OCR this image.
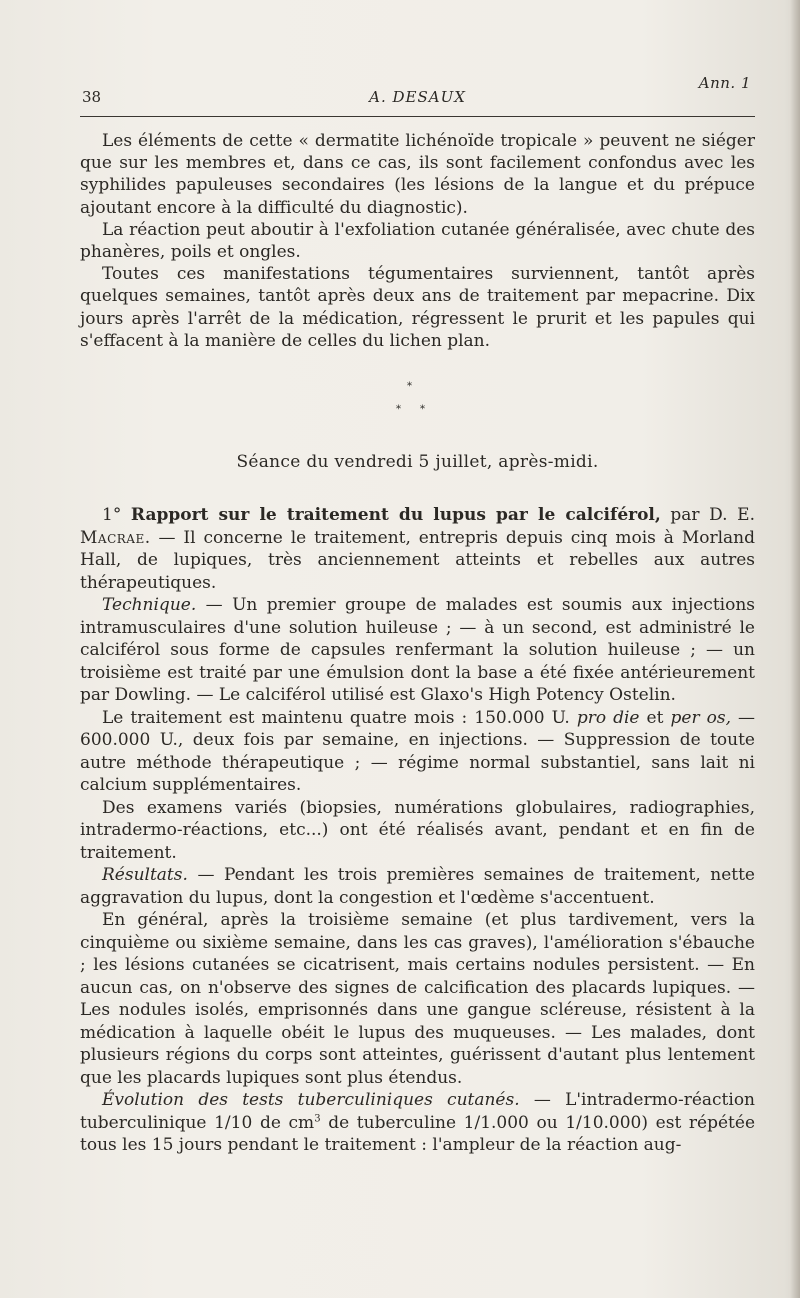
Ann. 1
38	A. DESAUX

Les éléments de cette « dermatite lichénoïde tropicale » peuvent ne siéger que sur les membres et, dans ce cas, ils sont facilement confondus avec les syphilides papuleuses secondaires (les lésions de la langue et du prépuce ajoutant encore à la difficulté du diagnostic).

La réaction peut aboutir à l'exfoliation cutanée généralisée, avec chute des phanères, poils et ongles.

Toutes ces manifestations tégumentaires surviennent, tantôt après quelques semaines, tantôt après deux ans de traitement par mepacrine. Dix jours après l'arrêt de la médication, régressent le prurit et les papules qui s'effacent à la manière de celles du lichen plan.

*
* *
Séance du vendredi 5 juillet, après-midi.

1° Rapport sur le traitement du lupus par le calciférol, par D. E. Macrae. — Il concerne le traitement, entrepris depuis cinq mois à Morland Hall, de lupiques, très anciennement atteints et rebelles aux autres thérapeutiques.

Technique. — Un premier groupe de malades est soumis aux injections intramusculaires d'une solution huileuse ; — à un second, est administré le calciférol sous forme de capsules renfermant la solution huileuse ; — un troisième est traité par une émulsion dont la base a été fixée antérieurement par Dowling. — Le calciférol utilisé est Glaxo's High Potency Ostelin.

Le traitement est maintenu quatre mois : 150.000 U. pro die et per os, — 600.000 U., deux fois par semaine, en injections. — Suppression de toute autre méthode thérapeutique ; — régime normal substantiel, sans lait ni calcium supplémentaires.

Des examens variés (biopsies, numérations globulaires, radiographies, intradermo-réactions, etc...) ont été réalisés avant, pendant et en fin de traitement.

Résultats. — Pendant les trois premières semaines de traitement, nette aggravation du lupus, dont la congestion et l'œdème s'accentuent.

En général, après la troisième semaine (et plus tardivement, vers la cinquième ou sixième semaine, dans les cas graves), l'amélioration s'ébauche ; les lésions cutanées se cicatrisent, mais certains nodules persistent. — En aucun cas, on n'observe des signes de calcification des placards lupiques. — Les nodules isolés, emprisonnés dans une gangue scléreuse, résistent à la médication à laquelle obéit le lupus des muqueuses. — Les malades, dont plusieurs régions du corps sont atteintes, guérissent d'autant plus lentement que les placards lupiques sont plus étendus.

Évolution des tests tuberculiniques cutanés. — L'intradermo-réaction tuberculinique 1/10 de $cm^3$ de tuberculine 1/1.000 ou 1/10.000) est répétée tous les 15 jours pendant le traitement : l'ampleur de la réaction aug-
